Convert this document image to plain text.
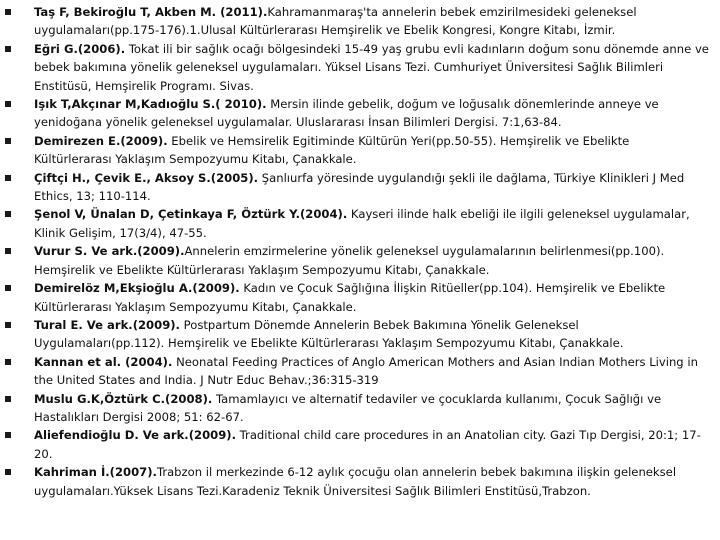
Taş F, Bekiroğlu T, Akben M. (2011).Kahramanmaraş'ta annelerin bebek emzirilmesideki geleneksel uygulamaları(pp.175-176).1.Ulusal Kültürlerarası Hemşirelik ve Ebelik Kongresi, Kongre Kitabı, İzmir.
Eğri G.(2006). Tokat ili bir sağlık ocağı bölgesindeki 15-49 yaş grubu evli kadınların doğum sonu dönemde anne ve bebek bakımına yönelik geleneksel uygulamaları. Yüksel Lisans Tezi. Cumhuriyet Üniversitesi Sağlık Bilimleri Enstitüsü, Hemşirelik Programı. Sivas.
Işık T,Akçınar M,Kadıoğlu S.( 2010). Mersin ilinde gebelik, doğum ve loğusalık dönemlerinde anneye ve yenidoğana yönelik geleneksel uygulamalar. Uluslararası İnsan Bilimleri Dergisi. 7:1,63-84.
Demirezen E.(2009). Ebelik ve Hemsirelik Egitiminde Kültürün Yeri(pp.50-55). Hemşirelik ve Ebelikte Kültürlerarası Yaklaşım Sempozyumu Kitabı, Çanakkale.
Çiftçi H., Çevik E., Aksoy S.(2005). Şanlıurfa yöresinde uygulandığı şekli ile dağlama, Türkiye Klinikleri J Med Ethics, 13; 110-114.
Şenol V, Ünalan D, Çetinkaya F, Öztürk Y.(2004). Kayseri ilinde halk ebeliği ile ilgili geleneksel uygulamalar, Klinik Gelişim, 17(3/4), 47-55.
Vurur S. Ve ark.(2009).Annelerin emzirmelerine yönelik geleneksel uygulamalarının belirlenmesi(pp.100). Hemşirelik ve Ebelikte Kültürlerarası Yaklaşım Sempozyumu Kitabı, Çanakkale.
Demirelöz M,Ekşioğlu A.(2009). Kadın ve Çocuk Sağlığına İlişkin Ritüeller(pp.104). Hemşirelik ve Ebelikte Kültürlerarası Yaklaşım Sempozyumu Kitabı, Çanakkale.
Tural E. Ve ark.(2009). Postpartum Dönemde Annelerin Bebek Bakımına Yönelik Geleneksel Uygulamaları(pp.112). Hemşirelik ve Ebelikte Kültürlerarası Yaklaşım Sempozyumu Kitabı, Çanakkale.
Kannan et al. (2004). Neonatal Feeding Practices of Anglo American Mothers and Asian Indian Mothers Living in the United States and India. J Nutr Educ Behav.;36:315-319
Muslu G.K,Öztürk C.(2008). Tamamlayıcı ve alternatif tedaviler ve çocuklarda kullanımı, Çocuk Sağlığı ve Hastalıkları Dergisi 2008; 51: 62-67.
Aliefendioğlu D. Ve ark.(2009). Traditional child care procedures in an Anatolian city. Gazi Tıp Dergisi, 20:1; 17-20.
Kahriman İ.(2007).Trabzon il merkezinde 6-12 aylık çocuğu olan annelerin bebek bakımına ilişkin geleneksel uygulamaları.Yüksek Lisans Tezi.Karadeniz Teknik Üniversitesi Sağlık Bilimleri Enstitüsü,Trabzon.
